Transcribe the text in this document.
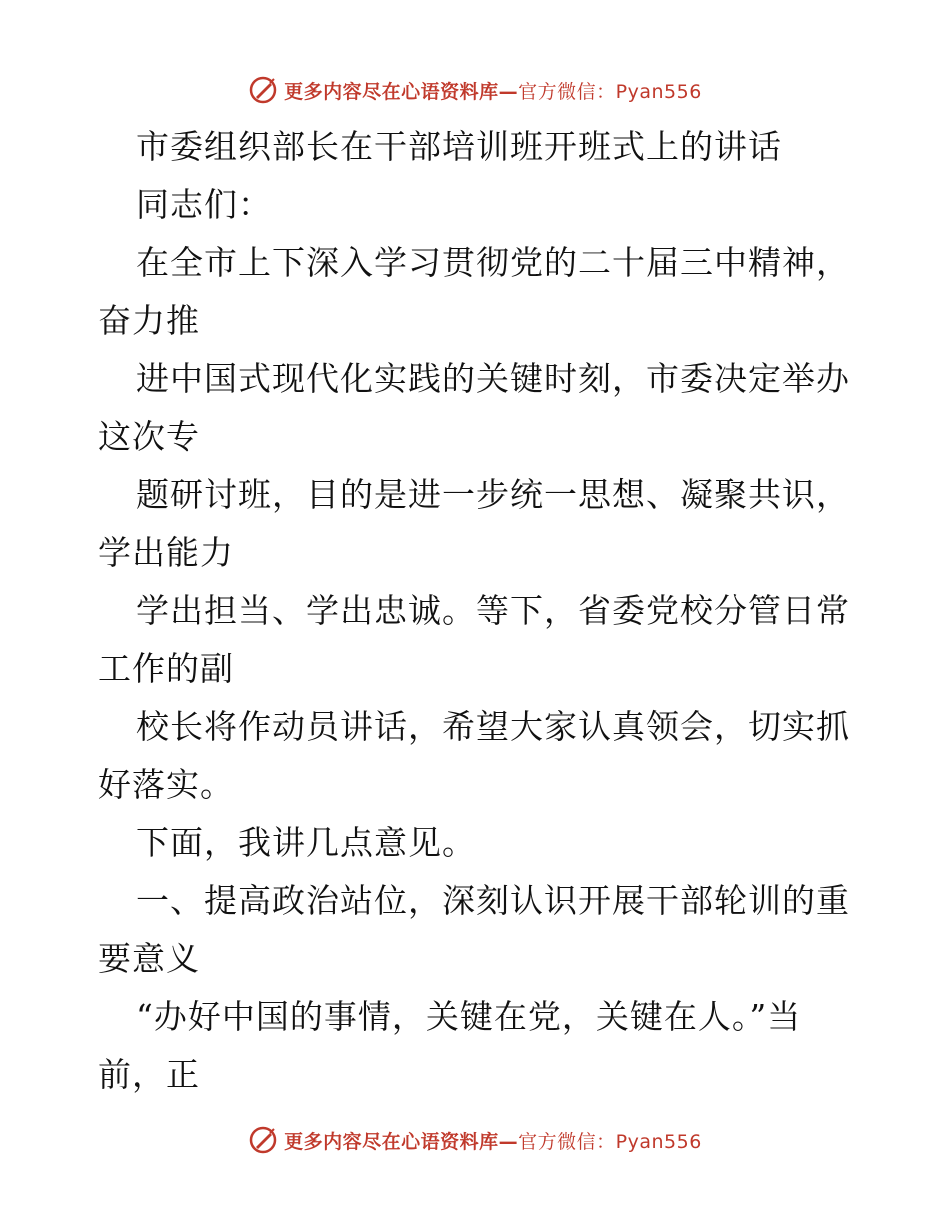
更多内容尽在心语资料库—官方微信：Pyan556
市委组织部长在干部培训班开班式上的讲话
同志们：
在全市上下深入学习贯彻党的二十届三中精神，
奋力推
进中国式现代化实践的关键时刻，市委决定举办
这次专
题研讨班，目的是进一步统一思想、凝聚共识，
学出能力
学出担当、学出忠诚。等下，省委党校分管日常
工作的副
校长将作动员讲话，希望大家认真领会，切实抓
好落实。
下面，我讲几点意见。
一、提高政治站位，深刻认识开展干部轮训的重
要意义
“办好中国的事情，关键在党，关键在人。”当
前，正
更多内容尽在心语资料库—官方微信：Pyan556
